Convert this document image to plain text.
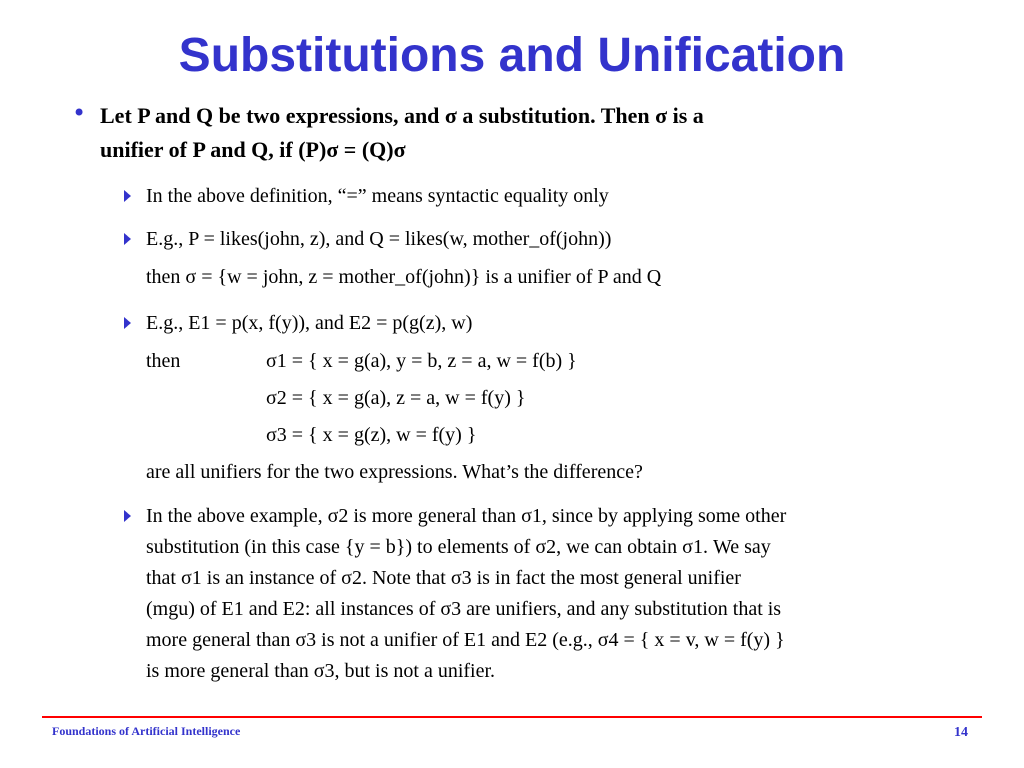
Substitutions and Unification
• Let P and Q be two expressions, and σ a substitution. Then σ is a
unifier of P and Q, if (P)σ = (Q)σ
In the above definition, “=” means syntactic equality only
E.g., P = likes(john, z), and Q = likes(w, mother_of(john))
then σ = {w = john, z = mother_of(john)} is a unifier of P and Q
E.g., E1 = p(x, f(y)), and E2 = p(g(z), w)
then	σ1 = { x = g(a), y = b, z = a, w = f(b) }
σ2 = { x = g(a), z = a, w = f(y) }
σ3 = { x = g(z), w = f(y) }
are all unifiers for the two expressions. What’s the difference?
In the above example, σ2 is more general than σ1, since by applying some other
substitution (in this case {y = b}) to elements of σ2, we can obtain σ1. We say
that σ1 is an instance of σ2. Note that σ3 is in fact the most general unifier
(mgu) of E1 and E2: all instances of σ3 are unifiers, and any substitution that is
more general than σ3 is not a unifier of E1 and E2 (e.g., σ4 = { x = v, w = f(y) }
is more general than σ3, but is not a unifier.
Foundations of Artificial Intelligence	14
